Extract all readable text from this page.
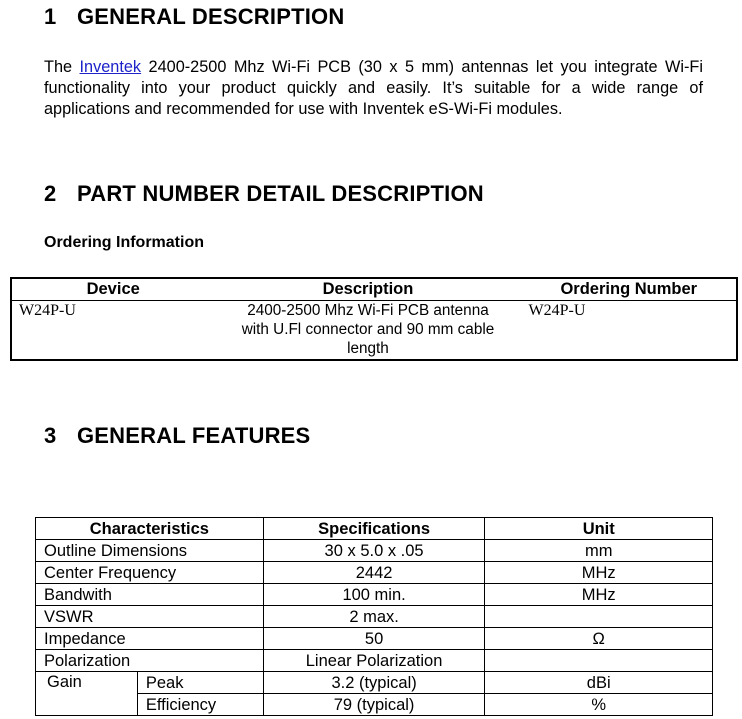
1 GENERAL DESCRIPTION

The Inventek 2400-2500 Mhz Wi-Fi PCB (30 x 5 mm) antennas let you integrate Wi-Fi functionality into your product quickly and easily. It’s suitable for a wide range of applications and recommended for use with Inventek eS-Wi-Fi modules.

2 PART NUMBER DETAIL DESCRIPTION

Ordering Information

Device	Description	Ordering Number
W24P-U	2400-2500 Mhz Wi-Fi PCB antenna
with U.Fl connector and 90 mm cable
length	W24P-U
3 GENERAL FEATURES
Characteristics		Specifications	Unit
Outline Dimensions		30 x 5.0 x .05	mm
Center Frequency		2442	MHz
Bandwith		100 min.	MHz
VSWR		2 max.	
Impedance		50	Ω
Polarization		Linear Polarization	
Gain	Peak	3.2 (typical)	dBi
	Efficiency	79 (typical)	%
